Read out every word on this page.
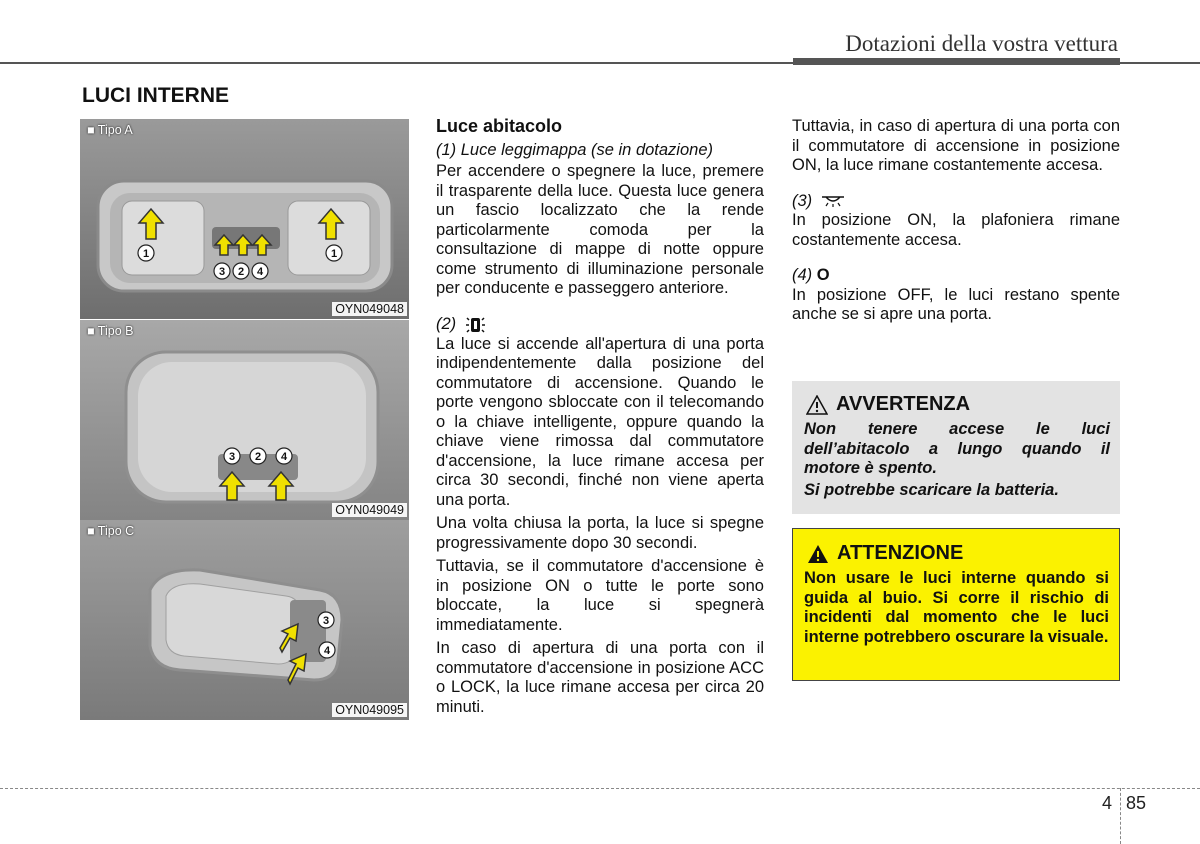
Dotazioni della vostra vettura
LUCI INTERNE
■ Tipo A
1	1
3 2 4
OYN049048
■ Tipo B
3 2 4
OYN049049
■ Tipo C
3
4
OYN049095
Luce abitacolo

(1) Luce leggimappa (se in dotazione)

Per accendere o spegnere la luce, premere il trasparente della luce. Questa luce genera un fascio localizzato che la rende particolarmente comoda per la consultazione di mappe di notte oppure come strumento di illuminazione personale per conducente e passeggero anteriore.

(2)

La luce si accende all'apertura di una porta indipendentemente dalla posizione del commutatore di accensione. Quando le porte vengono sbloccate con il telecomando o la chiave intelligente, oppure quando la chiave viene rimossa dal commutatore d'accensione, la luce rimane accesa per circa 30 secondi, finché non viene aperta una porta.

Una volta chiusa la porta, la luce si spegne progressivamente dopo 30 secondi.

Tuttavia, se il commutatore d'accensione è in posizione ON o tutte le porte sono bloccate, la luce si spegnerà immediatamente.

In caso di apertura di una porta con il commutatore d'accensione in posizione ACC o LOCK, la luce rimane accesa per circa 20 minuti.

Tuttavia, in caso di apertura di una porta con il commutatore di accensione in posizione ON, la luce rimane costantemente accesa.

(3)

In posizione ON, la plafoniera rimane costantemente accesa.

(4) O

In posizione OFF, le luci restano spente anche se si apre una porta.

AVVERTENZA
Non tenere accese le luci dell’abitacolo a lungo quando il motore è spento.
Si potrebbe scaricare la batteria.
ATTENZIONE
Non usare le luci interne quando si guida al buio. Si corre il rischio di incidenti dal momento che le luci interne potrebbero oscurare la visuale.
4 85
